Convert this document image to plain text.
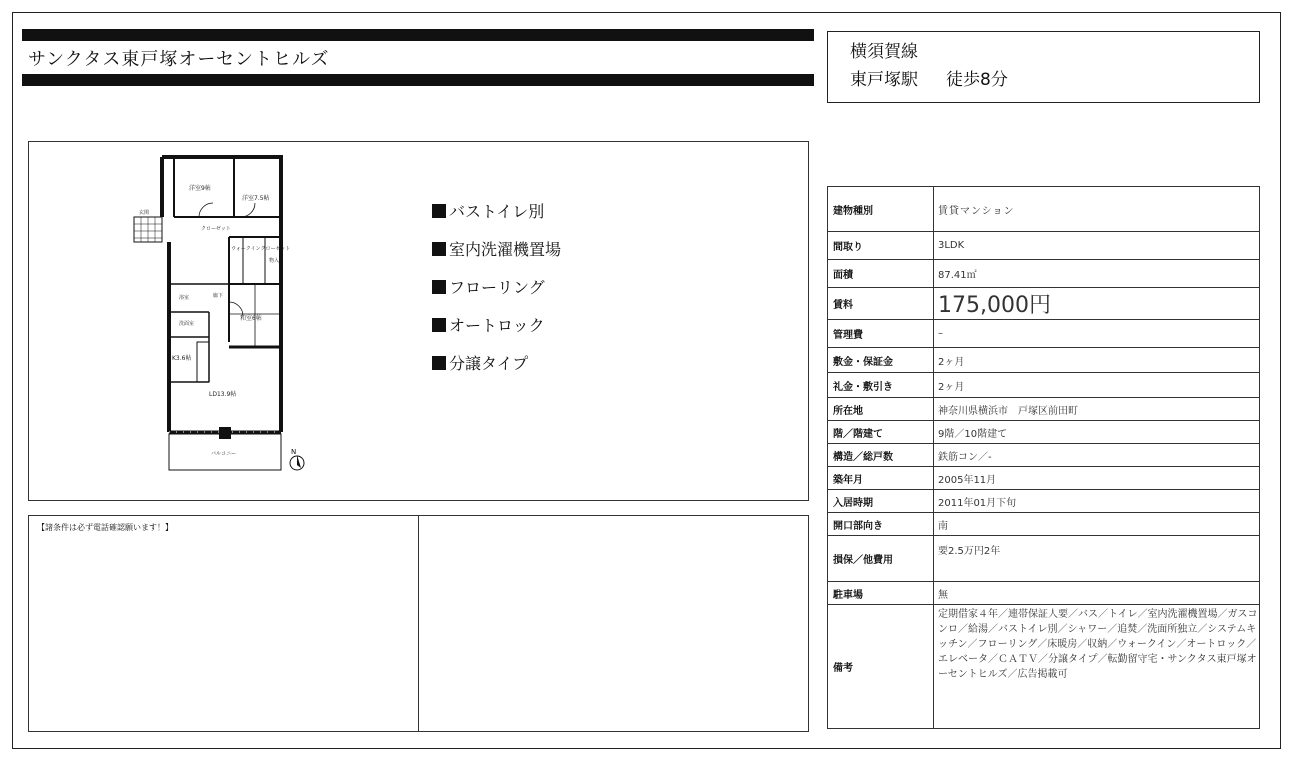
サンクタス東戸塚オーセントヒルズ	横須賀線
東戸塚駅 徒歩8分
洋室9帖
洋室7.5帖
ウォークインクローゼット
クローゼット
廊下
洗面室
浴室
和室6帖
K3.6帖
LD13.9帖
バルコニー
玄関
物入
N
バストイレ別
室内洗濯機置場
フローリング
オートロック
分譲タイプ
【諸条件は必ず電話確認願います！】
建物種別	賃貸マンション
間取り	3LDK
面積	87.41㎡
賃料	175,000円
管理費	–
敷金・保証金	2ヶ月
礼金・敷引き	2ヶ月
所在地	神奈川県横浜市　戸塚区前田町
階／階建て	9階／10階建て
構造／総戸数	鉄筋コン／-
築年月	2005年11月
入居時期	2011年01月下旬
開口部向き	南
損保／他費用	要2.5万円2年
駐車場	無
備考	定期借家４年／連帯保証人要／バス／トイレ／室内洗濯機置場／ガスコンロ／給湯／バストイレ別／シャワー／追焚／洗面所独立／システムキッチン／フローリング／床暖房／収納／ウォークイン／オートロック／エレベータ／ＣＡＴＶ／分譲タイプ／転勤留守宅・サンクタス東戸塚オーセントヒルズ／広告掲載可
